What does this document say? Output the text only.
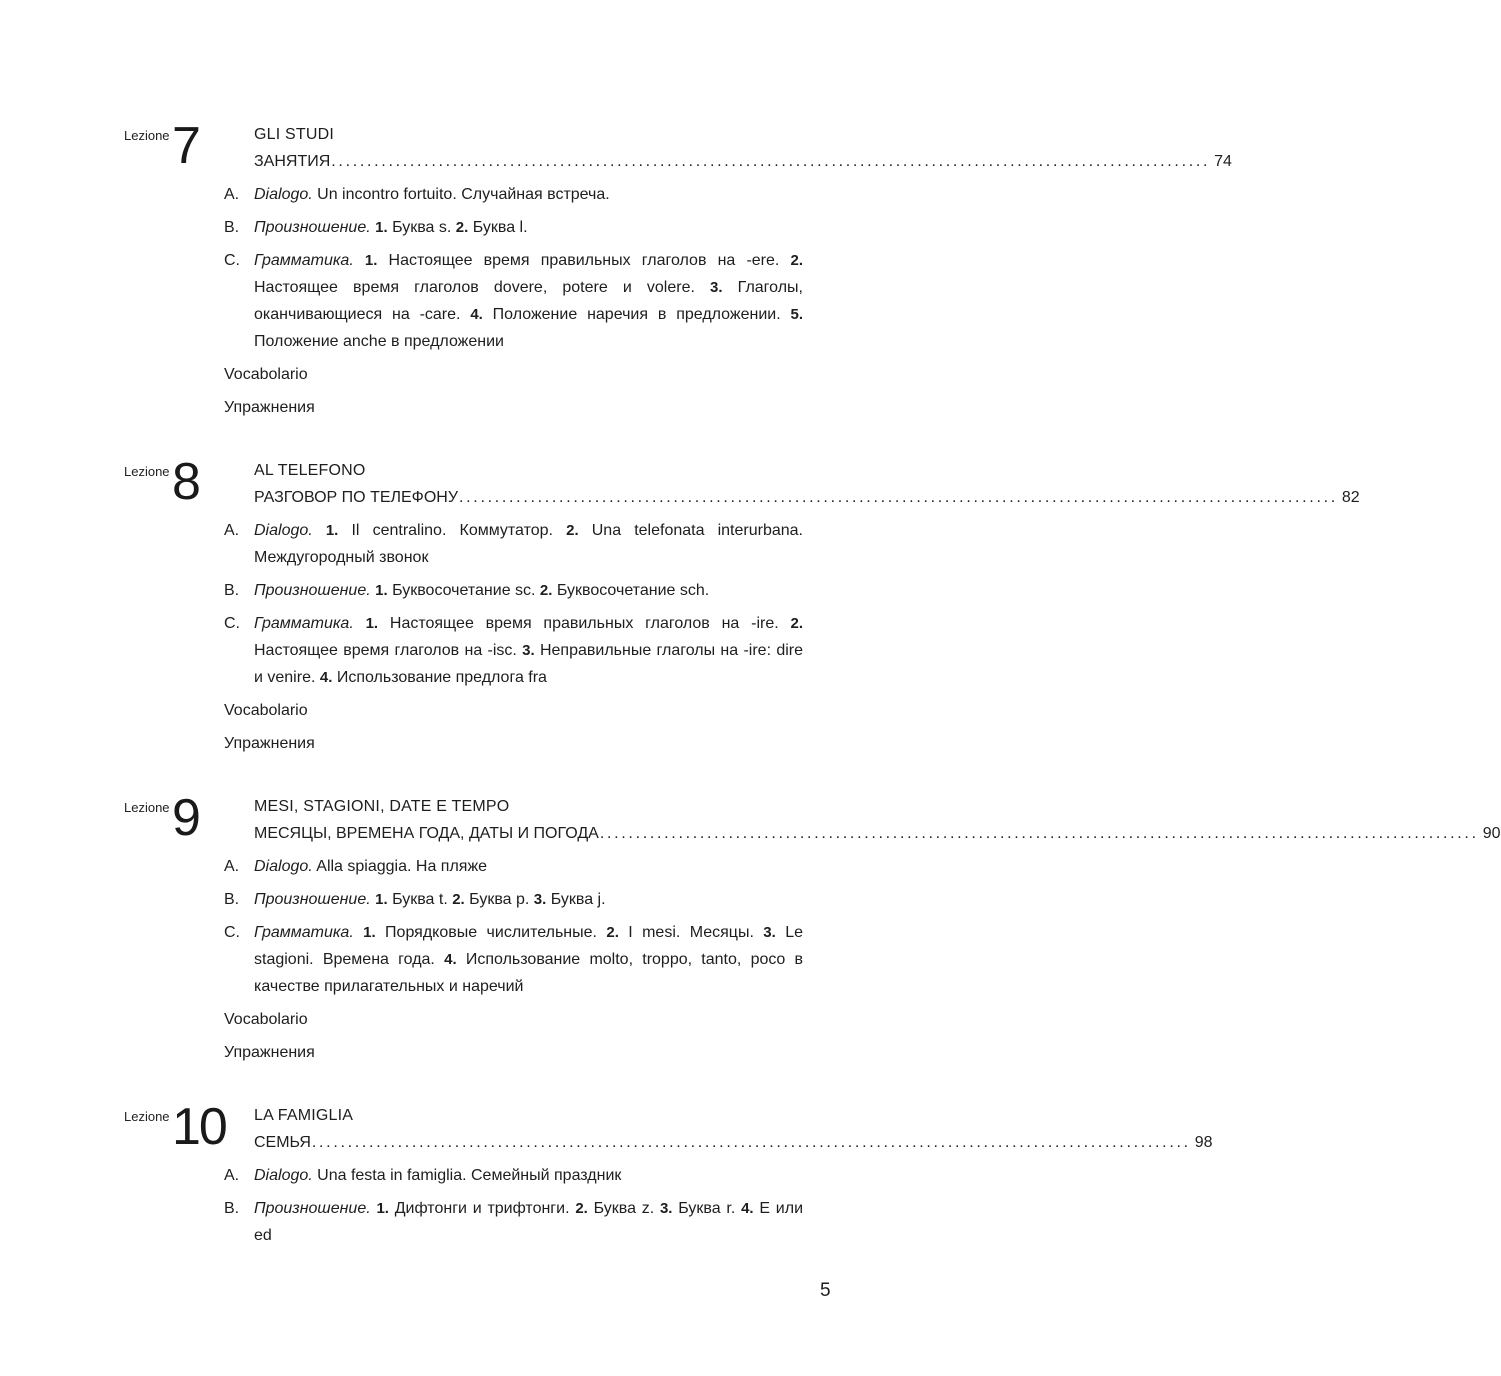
Lezione 7	GLI STUDI
ЗАНЯТИЯ ........................................................................................................................... 74
A. Dialogo. Un incontro fortuito. Случайная встреча.
B. Произношение. 1. Буква s. 2. Буква l.
C. Грамматика. 1. Настоящее время правильных глаголов на -ere. 2. Настоящее время глаголов dovere, potere и volere. 3. Глаголы, оканчивающиеся на -care. 4. Положение наречия в предложении. 5. Положение anche в предложении
Vocabolario
Упражнения
Lezione 8	AL TELEFONO
РАЗГОВОР ПО ТЕЛЕФОНУ ........................................................................................................................... 82
A. Dialogo. 1. Il centralino. Коммутатор. 2. Una telefonata interurbana. Междугородный звонок
B. Произношение. 1. Буквосочетание sc. 2. Буквосочетание sch.
C. Грамматика. 1. Настоящее время правильных глаголов на -ire. 2. Настоящее время глаголов на -isc. 3. Неправильные глаголы на -ire: dire и venire. 4. Использование предлога fra
Vocabolario
Упражнения
Lezione 9	MESI, STAGIONI, DATE E TEMPO
МЕСЯЦЫ, ВРЕМЕНА ГОДА, ДАТЫ И ПОГОДА ........................................................................................................................... 90
A. Dialogo. Alla spiaggia. На пляже
B. Произношение. 1. Буква t. 2. Буква p. 3. Буква j.
C. Грамматика. 1. Порядковые числительные. 2. I mesi. Месяцы. 3. Le stagioni. Времена года. 4. Использование molto, troppo, tanto, poco в качестве прилагательных и наречий
Vocabolario
Упражнения
Lezione 10 LA FAMIGLIA
СЕМЬЯ ........................................................................................................................... 98
A. Dialogo. Una festa in famiglia. Семейный праздник
B. Произношение. 1. Дифтонги и трифтонги. 2. Буква z. 3. Буква r. 4. E или ed
5
